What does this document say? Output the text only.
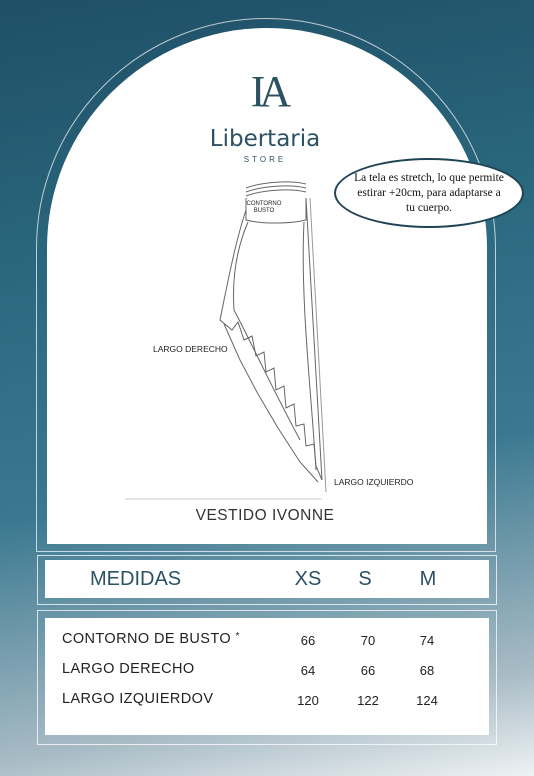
IA
Libertaria
STORE
CONTORNO BUSTO
LARGO DERECHO
LARGO IZQUIERDO
La tela es stretch, lo que permite estirar +20cm, para adaptarse a tu cuerpo.
VESTIDO IVONNE
MEDIDAS	XS	S	M
CONTORNO DE BUSTO *	66	70	74
LARGO DERECHO	64	66	68
LARGO IZQUIERDOV	120	122	124
